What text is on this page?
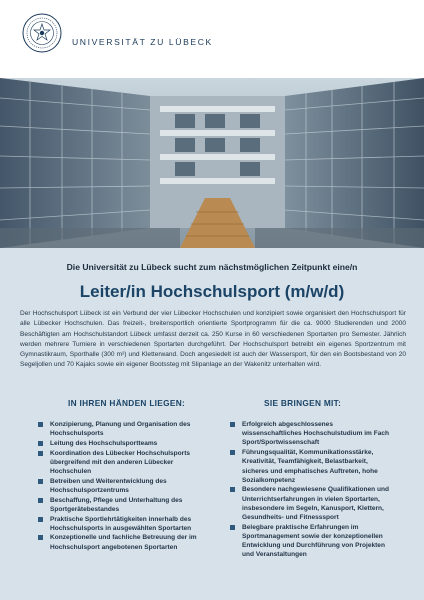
UNIVERSITÄT ZU LÜBECK
Die Universität zu Lübeck sucht zum nächstmöglichen Zeitpunkt eine/n
Leiter/in Hochschulsport (m/w/d)
Der Hochschulsport Lübeck ist ein Verbund der vier Lübecker Hochschulen und konzipiert sowie organisiert den Hochschulsport für alle Lübecker Hochschulen. Das freizeit-, breitensportlich orientierte Sportprogramm für die ca. 9000 Studierenden und 2000 Beschäftigten am Hochschulstandort Lübeck umfasst derzeit ca. 250 Kurse in 60 verschiedenen Sportarten pro Semester. Jährlich werden mehrere Turniere in verschiedenen Sportarten durchgeführt. Der Hochschulsport betreibt ein eigenes Sportzentrum mit Gymnastikraum, Sporthalle (300 m²) und Kletterwand. Doch angesiedelt ist auch der Wassersport, für den ein Bootsbestand von 20 Segeljollen und 70 Kajaks sowie ein eigener Bootssteg mit Slipanlage an der Wakenitz unterhalten wird.
IN IHREN HÄNDEN LIEGEN:
Konzipierung, Planung und Organisation des Hochschulsports
Leitung des Hochschulsportteams
Koordination des Lübecker Hochschulsports übergreifend mit den anderen Lübecker Hochschulen
Betreiben und Weiterentwicklung des Hochschulsportzentrums
Beschaffung, Pflege und Unterhaltung des Sportgerätebestandes
Praktische Sportlehrtätigkeiten innerhalb des Hochschulsports in ausgewählten Sportarten
Konzeptionelle und fachliche Betreuung der im Hochschulsport angebotenen Sportarten
SIE BRINGEN MIT:
Erfolgreich abgeschlossenes wissenschaftliches Hochschulstudium im Fach Sport/Sportwissenschaft
Führungsqualität, Kommunikationsstärke, Kreativität, Teamfähigkeit, Belastbarkeit, sicheres und emphatisches Auftreten, hohe Sozialkompetenz
Besondere nachgewiesene Qualifikationen und Unterrichtserfahrungen in vielen Sportarten, insbesondere im Segeln, Kanusport, Klettern, Gesundheits- und Fitnesssport
Belegbare praktische Erfahrungen im Sportmanagement sowie der konzeptionellen Entwicklung und Durchführung von Projekten und Veranstaltungen
